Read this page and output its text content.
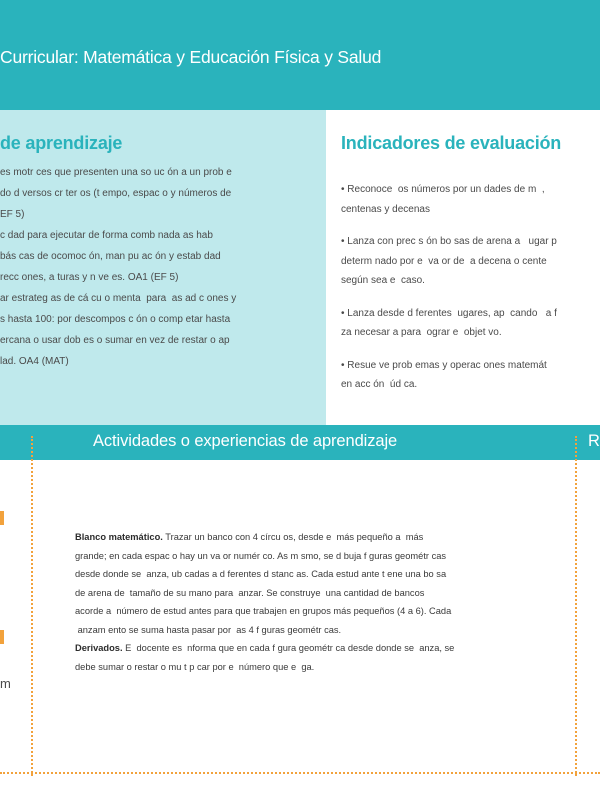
Curricular: Matemática y Educación Física y Salud
de aprendizaje
es motr ces que presenten una so uc ón a un prob e
do d versos cr ter os (t empo, espac o y números de
EF 5)
c dad para ejecutar de forma comb nada as hab
bás cas de ocomoc ón, man pu ac ón y estab dad
recc ones, a turas y n ve es. OA1 (EF 5)
ar estrateg as de cá cu o menta  para  as ad c ones y
s hasta 100: por descompos c ón o comp etar hasta
ercana o usar dob es o sumar en vez de restar o ap
lad. OA4 (MAT)
Indicadores de evaluación
• Reconoce  os números por un dades de m  ,
centenas y decenas
• Lanza con prec s ón bo sas de arena a   ugar p
determ nado por e  va or de  a decena o cente
según sea e  caso.
• Lanza desde d ferentes  ugares, ap  cando   a f
za necesar a para  ograr e  objet vo.
• Resue ve prob emas y operac ones matemát
en acc ón  úd ca.
Actividades o experiencias de aprendizaje	R
m
Blanco matemático. Trazar un banco con 4 círcu os, desde e  más pequeño a  más
grande; en cada espac o hay un va or numér co. As m smo, se d buja f guras geométr cas
desde donde se  anza, ub cadas a d ferentes d stanc as. Cada estud ante t ene una bo sa
de arena de  tamaño de su mano para  anzar. Se construye  una cantidad de bancos
acorde a  número de estud antes para que trabajen en grupos más pequeños (4 a 6). Cada
anzam ento se suma hasta pasar por  as 4 f guras geométr cas.
Derivados. E  docente es  nforma que en cada f gura geométr ca desde donde se  anza, se
debe sumar o restar o mu t p car por e  número que e  ga.
